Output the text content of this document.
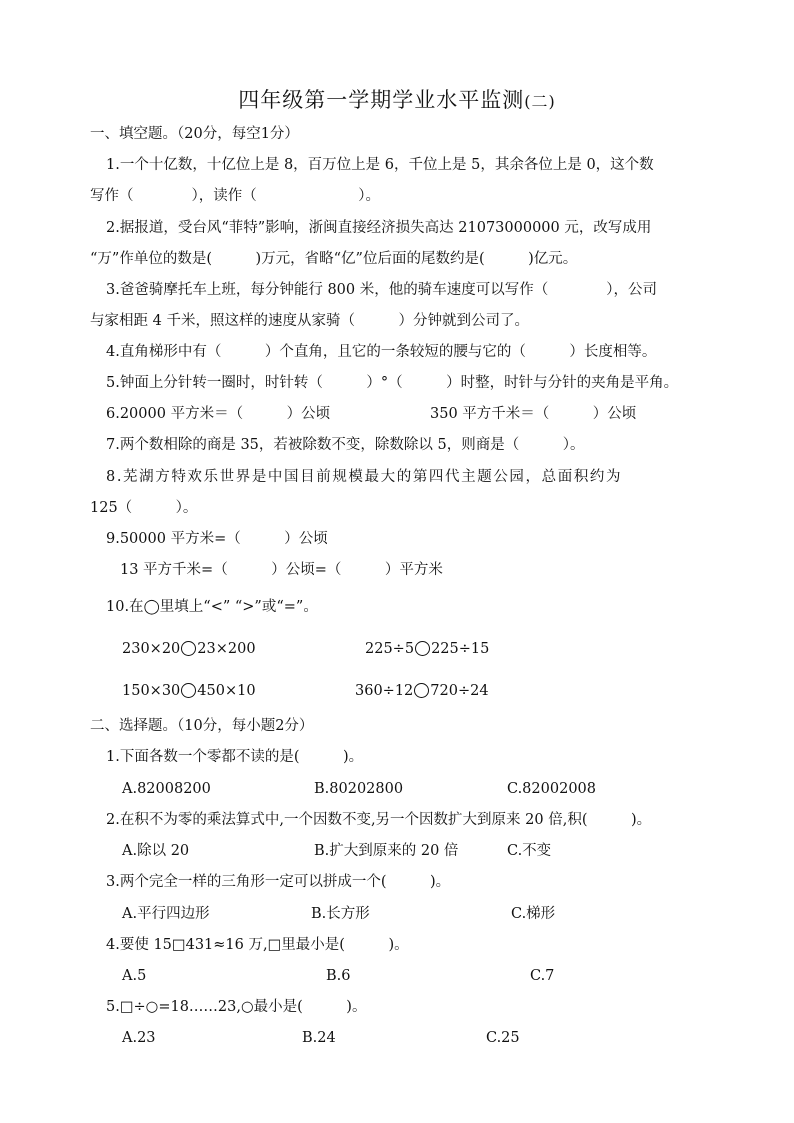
四年级第一学期学业水平监测(二)
一、填空题。（20分，每空1分）
1.一个十亿数，十亿位上是 8，百万位上是 6，千位上是 5，其余各位上是 0，这个数
写作（　　　　），读作（　　　　　　　）。
2.据报道，受台风“菲特”影响，浙闽直接经济损失高达 21073000000 元，改写成用
“万”作单位的数是(　　　)万元，省略“亿”位后面的尾数约是(　　　)亿元。
3.爸爸骑摩托车上班，每分钟能行 800 米，他的骑车速度可以写作（　　　　），公司
与家相距 4 千米，照这样的速度从家骑（　　　）分钟就到公司了。
4.直角梯形中有（　　　）个直角，且它的一条较短的腰与它的（　　　）长度相等。
5.钟面上分针转一圈时，时针转（　　　）°（　　　）时整，时针与分针的夹角是平角。
6.20000 平方米＝（　　　）公顷	350 平方千米＝（　　　）公顷
7.两个数相除的商是 35，若被除数不变，除数除以 5，则商是（　　　）。
8.芜湖方特欢乐世界是中国目前规模最大的第四代主题公园，总面积约为
125（　　　）。
9.50000 平方米=（　　　）公顷
13 平方千米=（　　　）公顷=（　　　）平方米
10.在◯里填上“<” “>”或“=”。
230×20 23×200	225÷5 225÷15
150×30 450×10	360÷12 720÷24
二、选择题。（10分，每小题2分）
1.下面各数一个零都不读的是(　　　)。
A.82008200	B.80202800	C.82002008
2.在积不为零的乘法算式中,一个因数不变,另一个因数扩大到原来 20 倍,积(　　　)。
A.除以 20	B.扩大到原来的 20 倍	C.不变
3.两个完全一样的三角形一定可以拼成一个(　　　)。
A.平行四边形	B.长方形	C.梯形
4.要使 15□431≈16 万,□里最小是(　　　)。
A.5	B.6	C.7
5.□÷○=18……23,○最小是(　　　)。
A.23	B.24	C.25
